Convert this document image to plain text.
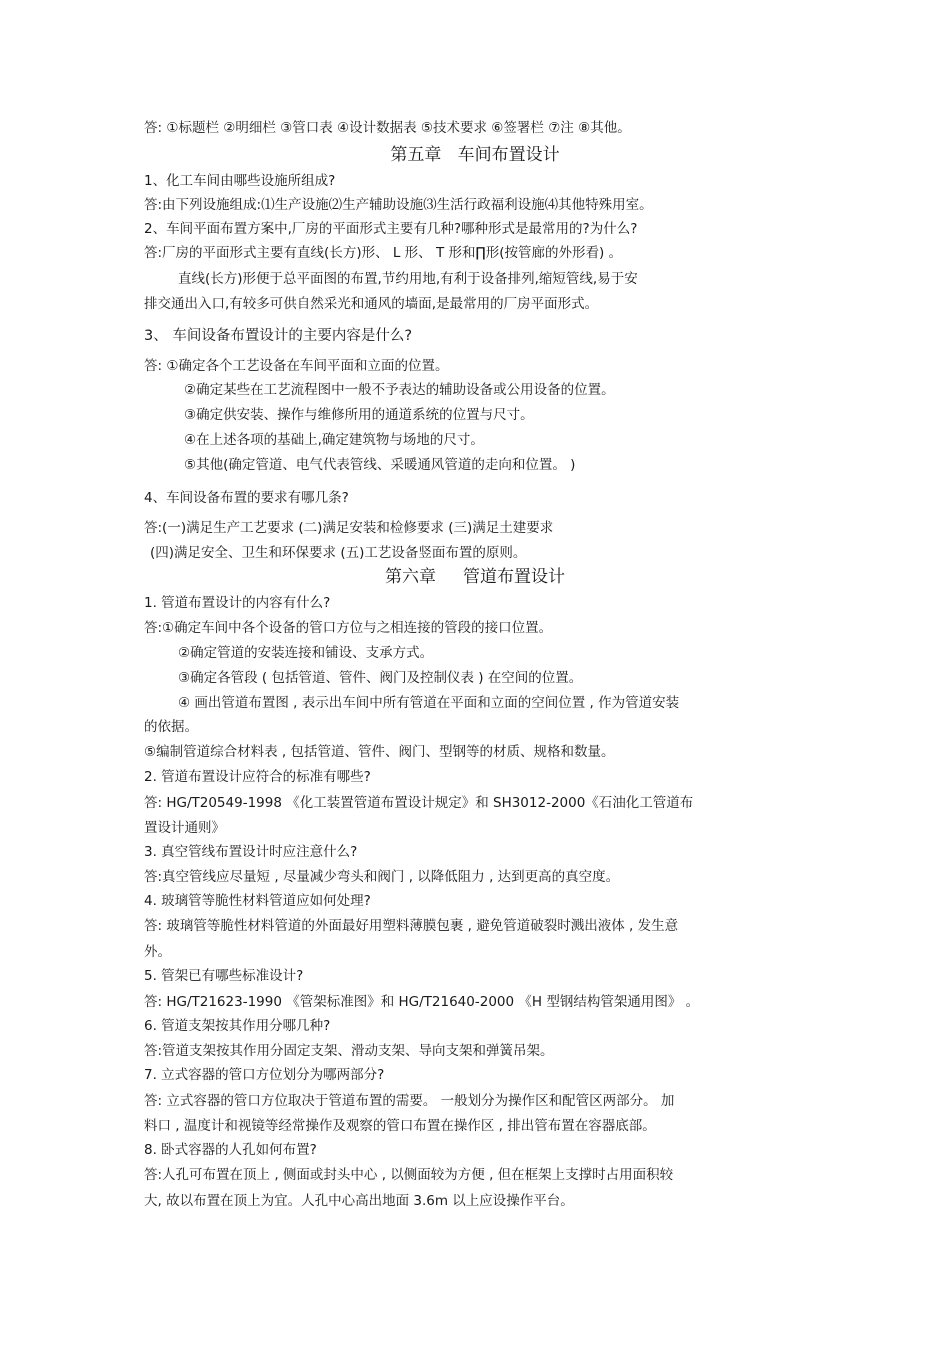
答: ①标题栏 ②明细栏 ③管口表 ④设计数据表 ⑤技术要求 ⑥签署栏 ⑦注 ⑧其他。
第五章   车间布置设计
1、化工车间由哪些设施所组成?
答:由下列设施组成:⑴生产设施⑵生产辅助设施⑶生活行政福利设施⑷其他特殊用室。
2、车间平面布置方案中,厂房的平面形式主要有几种?哪种形式是最常用的?为什么?
答:厂房的平面形式主要有直线(长方)形、 L 形、 T 形和∏形(按管廊的外形看) 。
直线(长方)形便于总平面图的布置,节约用地,有利于设备排列,缩短管线,易于安
排交通出入口,有较多可供自然采光和通风的墙面,是最常用的厂房平面形式。
3、 车间设备布置设计的主要内容是什么?
答: ①确定各个工艺设备在车间平面和立面的位置。
②确定某些在工艺流程图中一般不予表达的辅助设备或公用设备的位置。
③确定供安装、操作与维修所用的通道系统的位置与尺寸。
④在上述各项的基础上,确定建筑物与场地的尺寸。
⑤其他(确定管道、电气代表管线、采暖通风管道的走向和位置。 )
4、车间设备布置的要求有哪几条?
答:(一)满足生产工艺要求 (二)满足安装和检修要求 (三)满足土建要求
(四)满足安全、卫生和环保要求 (五)工艺设备竖面布置的原则。
第六章     管道布置设计
1. 管道布置设计的内容有什么?
答:①确定车间中各个设备的管口方位与之相连接的管段的接口位置。
②确定管道的安装连接和铺设、支承方式。
③确定各管段 ( 包括管道、管件、阀门及控制仪表 ) 在空间的位置。
④ 画出管道布置图 , 表示出车间中所有管道在平面和立面的空间位置 , 作为管道安装
的依据。
⑤编制管道综合材料表 , 包括管道、管件、阀门、型钢等的材质、规格和数量。
2. 管道布置设计应符合的标准有哪些?
答: HG/T20549-1998 《化工装置管道布置设计规定》和 SH3012-2000《石油化工管道布
置设计通则》
3. 真空管线布置设计时应注意什么?
答:真空管线应尽量短 , 尽量减少弯头和阀门 , 以降低阻力 , 达到更高的真空度。
4. 玻璃管等脆性材料管道应如何处理?
答: 玻璃管等脆性材料管道的外面最好用塑料薄膜包裹 , 避免管道破裂时溅出液体 , 发生意
外。
5. 管架已有哪些标准设计?
答: HG/T21623-1990 《管架标准图》和 HG/T21640-2000 《H 型钢结构管架通用图》 。
6. 管道支架按其作用分哪几种?
答:管道支架按其作用分固定支架、滑动支架、导向支架和弹簧吊架。
7. 立式容器的管口方位划分为哪两部分?
答: 立式容器的管口方位取决于管道布置的需要。 一般划分为操作区和配管区两部分。 加
料口 , 温度计和视镜等经常操作及观察的管口布置在操作区 , 排出管布置在容器底部。
8. 卧式容器的人孔如何布置?
答:人孔可布置在顶上 , 侧面或封头中心 , 以侧面较为方便 , 但在框架上支撑时占用面积较
大, 故以布置在顶上为宜。人孔中心高出地面 3.6m 以上应设操作平台。
